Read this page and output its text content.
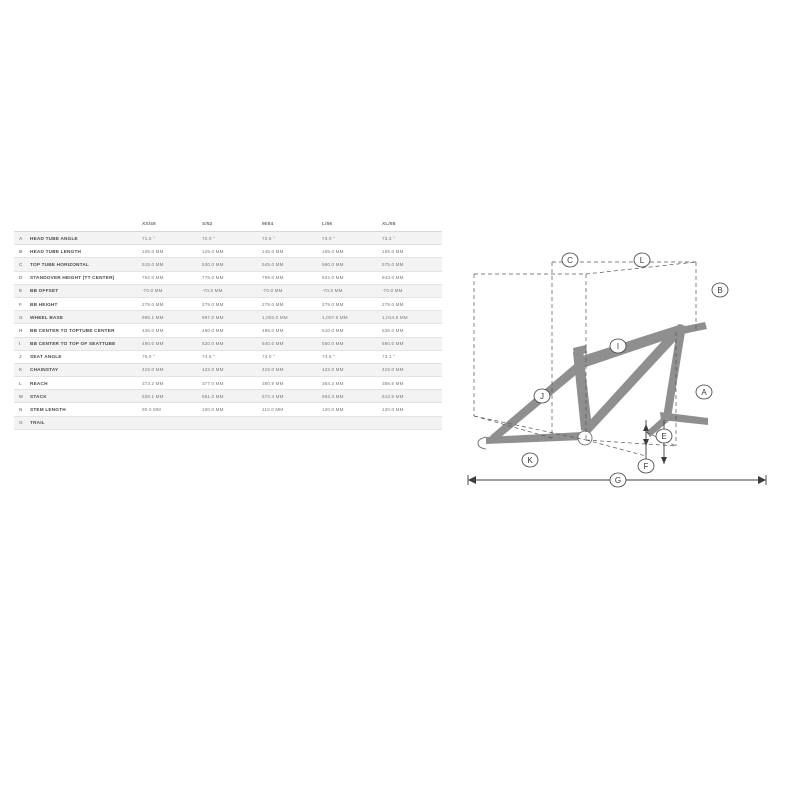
		XS/49	S/52	M/54	L/56	XL/58
A	HEAD TUBE ANGLE	71.0 °	72.0 °	72.5 °	73.0 °	73.3 °
B	HEAD TUBE LENGTH	105.0 MM	125.0 MM	145.0 MM	165.0 MM	185.0 MM
C	TOP TUBE HORIZONTAL	515.0 MM	530.0 MM	545.0 MM	560.0 MM	575.0 MM
D	STANDOVER HEIGHT (TT CENTER)	752.0 MM	776.0 MM	799.0 MM	822.0 MM	843.0 MM
E	BB OFFSET	-70.0 MM	-70.0 MM	-70.0 MM	-70.0 MM	-70.0 MM
F	BB HEIGHT	279.0 MM	279.0 MM	279.0 MM	279.0 MM	279.0 MM
G	WHEEL BASE	995.1 MM	997.0 MM	1,002.0 MM	1,007.5 MM	1,014.8 MM
H	BB CENTER TO TOPTUBE CENTER	435.0 MM	460.0 MM	485.0 MM	510.0 MM	535.0 MM
I	BB CENTER TO TOP OF SEATTUBE	490.0 MM	520.0 MM	540.0 MM	560.0 MM	580.0 MM
J	SEAT ANGLE	75.0 °	74.5 °	74.0 °	73.5 °	73.1 °
K	CHAINSTAY	422.0 MM	422.0 MM	422.0 MM	422.0 MM	422.0 MM
L	REACH	373.2 MM	377.0 MM	380.9 MM	384.3 MM	388.6 MM
M	STACK	528.1 MM	551.0 MM	572.4 MM	593.3 MM	613.6 MM
N	STEM LENGTH	90.0 MM	100.0 MM	110.0 MM	120.0 MM	120.0 MM
O	TRAIL					
C	L
B
I
A
J
E
K
F
G
